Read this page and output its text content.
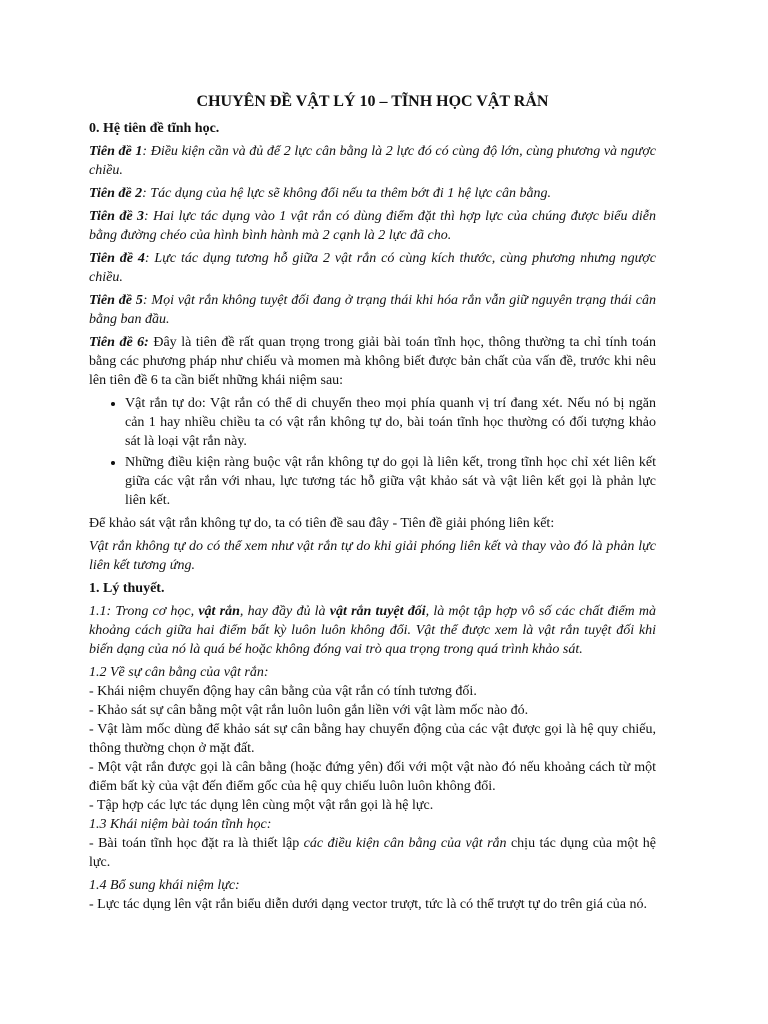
CHUYÊN ĐỀ VẬT LÝ 10 – TĨNH HỌC VẬT RẮN

0. Hệ tiên đề tĩnh học.

Tiên đề 1: Điều kiện cần và đủ để 2 lực cân bằng là 2 lực đó có cùng độ lớn, cùng phương và ngược chiều.

Tiên đề 2: Tác dụng của hệ lực sẽ không đổi nếu ta thêm bớt đi 1 hệ lực cân bằng.

Tiên đề 3: Hai lực tác dụng vào 1 vật rắn có dùng điểm đặt thì hợp lực của chúng được biểu diễn bằng đường chéo của hình bình hành mà 2 cạnh là 2 lực đã cho.

Tiên đề 4: Lực tác dụng tương hỗ giữa 2 vật rắn có cùng kích thước, cùng phương nhưng ngược chiều.

Tiên đề 5: Mọi vật rắn không tuyệt đối đang ở trạng thái khi hóa rắn vẫn giữ nguyên trạng thái cân bằng ban đầu.

Tiên đề 6: Đây là tiên đề rất quan trọng trong giải bài toán tĩnh học, thông thường ta chỉ tính toán bằng các phương pháp như chiếu và momen mà không biết được bản chất của vấn đề, trước khi nêu lên tiên đề 6 ta cần biết những khái niệm sau:

• Vật rắn tự do: Vật rắn có thể di chuyển theo mọi phía quanh vị trí đang xét. Nếu nó bị ngăn cản 1 hay nhiều chiều ta có vật rắn không tự do, bài toán tĩnh học thường có đối tượng khảo sát là loại vật rắn này.
• Những điều kiện ràng buộc vật rắn không tự do gọi là liên kết, trong tĩnh học chỉ xét liên kết giữa các vật rắn với nhau, lực tương tác hỗ giữa vật khảo sát và vật liên kết gọi là phản lực liên kết.

Để khảo sát vật rắn không tự do, ta có tiên đề sau đây - Tiên đề giải phóng liên kết:

Vật rắn không tự do có thể xem như vật rắn tự do khi giải phóng liên kết và thay vào đó là phản lực liên kết tương ứng.

1. Lý thuyết.

1.1: Trong cơ học, vật rắn, hay đầy đủ là vật rắn tuyệt đối, là một tập hợp vô số các chất điểm mà khoảng cách giữa hai điểm bất kỳ luôn luôn không đổi. Vật thể được xem là vật rắn tuyệt đối khi biến dạng của nó là quá bé hoặc không đóng vai trò qua trọng trong quá trình khảo sát.

1.2 Về sự cân bằng của vật rắn:

- Khái niệm chuyển động hay cân bằng của vật rắn có tính tương đối.

- Khảo sát sự cân bằng một vật rắn luôn luôn gắn liền với vật làm mốc nào đó.

- Vật làm mốc dùng để khảo sát sự cân bằng hay chuyển động của các vật được gọi là hệ quy chiếu, thông thường chọn ở mặt đất.

- Một vật rắn được gọi là cân bằng (hoặc đứng yên) đối với một vật nào đó nếu khoảng cách từ một điểm bất kỳ của vật đến điểm gốc của hệ quy chiếu luôn luôn không đổi.

- Tập hợp các lực tác dụng lên cùng một vật rắn gọi là hệ lực.

1.3 Khái niệm bài toán tĩnh học:

- Bài toán tĩnh học đặt ra là thiết lập các điều kiện cân bằng của vật rắn chịu tác dụng của một hệ lực.

1.4 Bổ sung khái niệm lực:

- Lực tác dụng lên vật rắn biểu diễn dưới dạng vector trượt, tức là có thể trượt tự do trên giá của nó.
